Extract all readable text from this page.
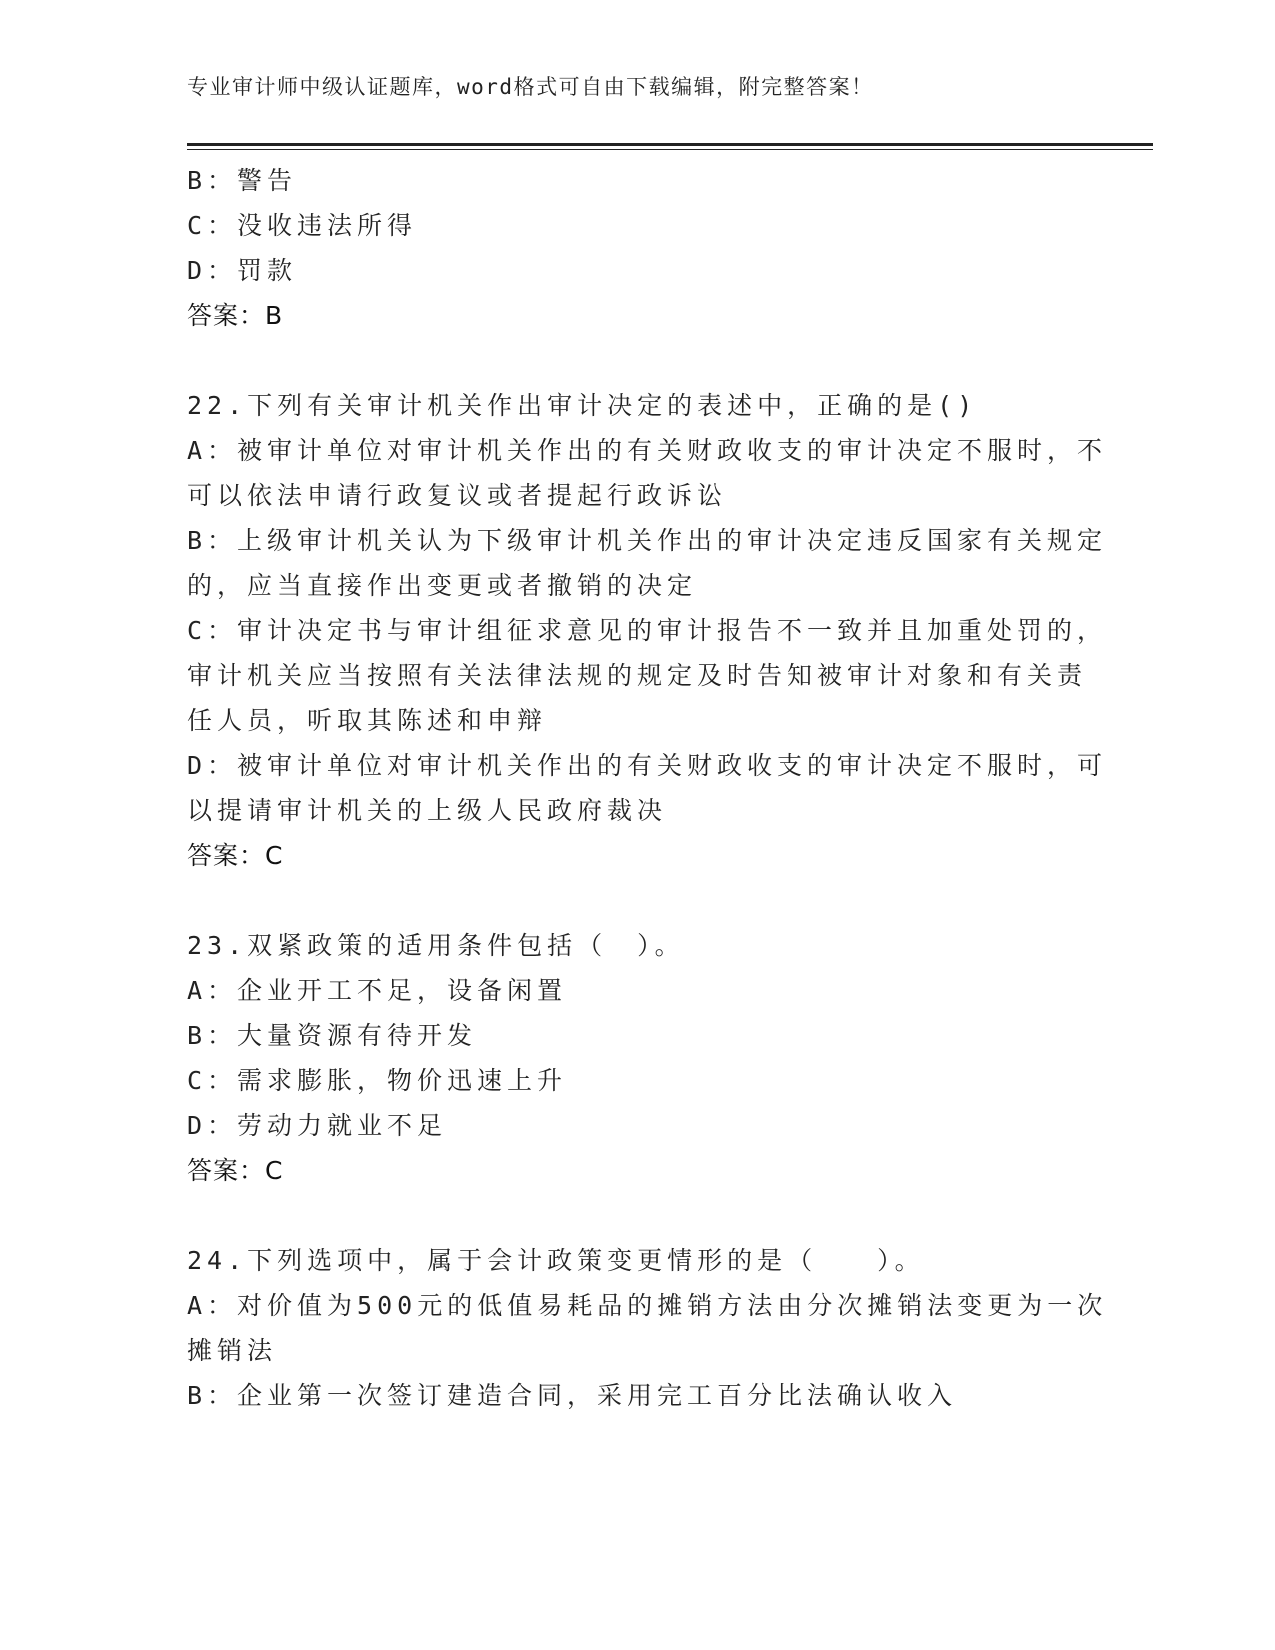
专业审计师中级认证题库，word格式可自由下载编辑，附完整答案！
B：警告
C：没收违法所得
D：罚款
答案：B
22.下列有关审计机关作出审计决定的表述中，正确的是()
A：被审计单位对审计机关作出的有关财政收支的审计决定不服时，不
可以依法申请行政复议或者提起行政诉讼
B：上级审计机关认为下级审计机关作出的审计决定违反国家有关规定
的，应当直接作出变更或者撤销的决定
C：审计决定书与审计组征求意见的审计报告不一致并且加重处罚的，
审计机关应当按照有关法律法规的规定及时告知被审计对象和有关责
任人员，听取其陈述和申辩
D：被审计单位对审计机关作出的有关财政收支的审计决定不服时，可
以提请审计机关的上级人民政府裁决
答案：C
23.双紧政策的适用条件包括（　）。
A：企业开工不足，设备闲置
B：大量资源有待开发
C：需求膨胀，物价迅速上升
D：劳动力就业不足
答案：C
24.下列选项中，属于会计政策变更情形的是（　　）。
A：对价值为500元的低值易耗品的摊销方法由分次摊销法变更为一次
摊销法
B：企业第一次签订建造合同，采用完工百分比法确认收入
